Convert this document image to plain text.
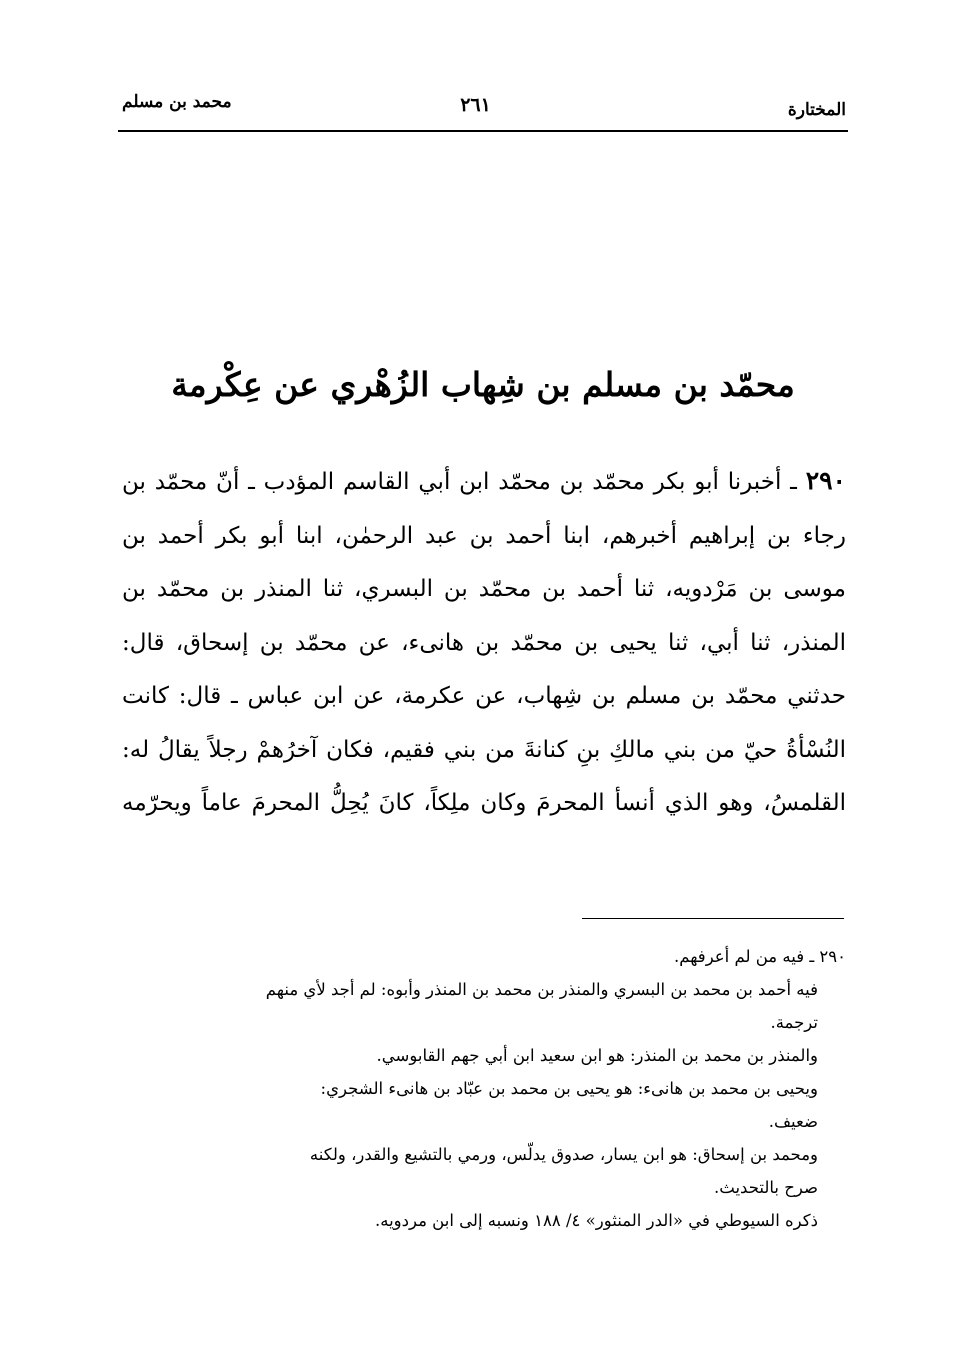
المختارة
٢٦١
محمد بن مسلم
محمّد بن مسلم بن شِهاب الزُهْري عن عِكْرمة
٢٩٠ ـ أخبرنا أبو بكر محمّد بن محمّد ابن أبي القاسم المؤدب ـ أنّ محمّد بن رجاء بن إبراهيم أخبرهم، ابنا أحمد بن عبد الرحمٰن، ابنا أبو بكر أحمد بن موسى بن مَرْدويه، ثنا أحمد بن محمّد بن البسري، ثنا المنذر بن محمّد بن المنذر، ثنا أبي، ثنا يحيى بن محمّد بن هانىء، عن محمّد بن إسحاق، قال: حدثني محمّد بن مسلم بن شِهاب، عن عكرمة، عن ابن عباس ـ قال: كانت النُسْأةُ حيّ من بني مالكِ بنِ كنانةَ من بني فقيم، فكان آخرُهمْ رجلاً يقالُ له: القلمسُ، وهو الذي أنسأ المحرمَ وكان ملِكاً، كانَ يُحِلُّ المحرمَ عاماً ويحرّمه
٢٩٠ ـ فيه من لم أعرفهم.
فيه أحمد بن محمد بن البسري والمنذر بن محمد بن المنذر وأبوه: لم أجد لأي منهم
ترجمة.
والمنذر بن محمد بن المنذر: هو ابن سعيد ابن أبي جهم القابوسي.
ويحيى بن محمد بن هانىء: هو يحيى بن محمد بن عبّاد بن هانىء الشجري:
ضعيف.
ومحمد بن إسحاق: هو ابن يسار، صدوق يدلّس، ورمي بالتشيع والقدر، ولكنه
صرح بالتحديث.
ذكره السيوطي في «الدر المنثور» ٤/ ١٨٨ ونسبه إلى ابن مردويه.
